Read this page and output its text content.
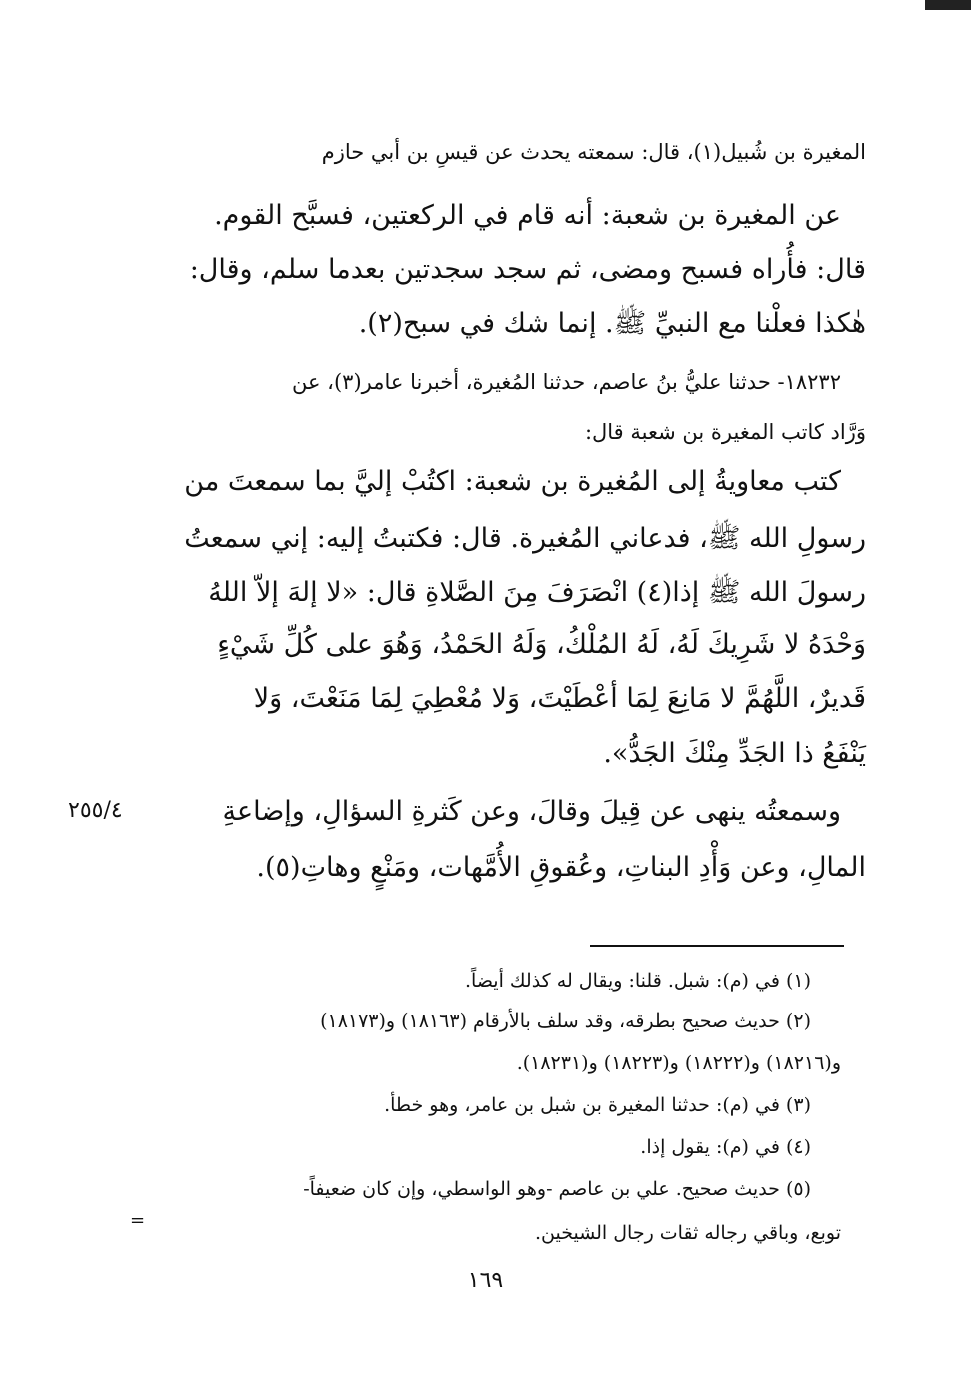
المغيرة بن شُبيل(١)، قال: سمعته يحدث عن قيسِ بن أبي حازم
عن المغيرة بن شعبة: أنه قام في الركعتين، فسبَّح القوم.
قال: فأُراه فسبح ومضى، ثم سجد سجدتين بعدما سلم، وقال:
هٰكذا فعلْنا مع النبيِّ ﷺ. إنما شك في سبح(٢).
١٨٢٣٢- حدثنا عليُّ بنُ عاصم، حدثنا المُغيرة، أخبرنا عامر(٣)، عن
وَرَّاد كاتب المغيرة بن شعبة قال:
كتب معاويةُ إلى المُغيرة بن شعبة: اكتُبْ إليَّ بما سمعتَ من
رسولِ الله ﷺ، فدعاني المُغيرة. قال: فكتبتُ إليه: إني سمعتُ
رسولَ الله ﷺ إذا(٤) انْصَرَفَ مِنَ الصَّلاةِ قال: «لا إلهَ إلاّ اللهُ
وَحْدَهُ لا شَرِيكَ لَهُ، لَهُ المُلْكُ، وَلَهُ الحَمْدُ، وَهُوَ على كُلِّ شَيْءٍ
قَديرٌ، اللَّهُمَّ لا مَانِعَ لِمَا أعْطَيْتَ، وَلا مُعْطِيَ لِمَا مَنَعْتَ، وَلا
يَنْفَعُ ذا الجَدِّ مِنْكَ الجَدُّ».
وسمعتُه ينهى عن قِيلَ وقالَ، وعن كَثرةِ السؤالِ، وإضاعةِ
المالِ، وعن وَأْدِ البناتِ، وعُقوقِ الأُمَّهات، ومَنْعٍ وهاتِ(٥).
٢٥٥/٤
(١) في (م): شبل. قلنا: ويقال له كذلك أيضاً.
(٢) حديث صحيح بطرقه، وقد سلف بالأرقام (١٨١٦٣) و(١٨١٧٣)
و(١٨٢١٦) و(١٨٢٢٢) و(١٨٢٢٣) و(١٨٢٣١).
(٣) في (م): حدثنا المغيرة بن شبل بن عامر، وهو خطأ.
(٤) في (م): يقول إذا.
(٥) حديث صحيح. علي بن عاصم -وهو الواسطي، وإن كان ضعيفاً-
توبع، وباقي رجاله ثقات رجال الشيخين.
=
١٦٩
